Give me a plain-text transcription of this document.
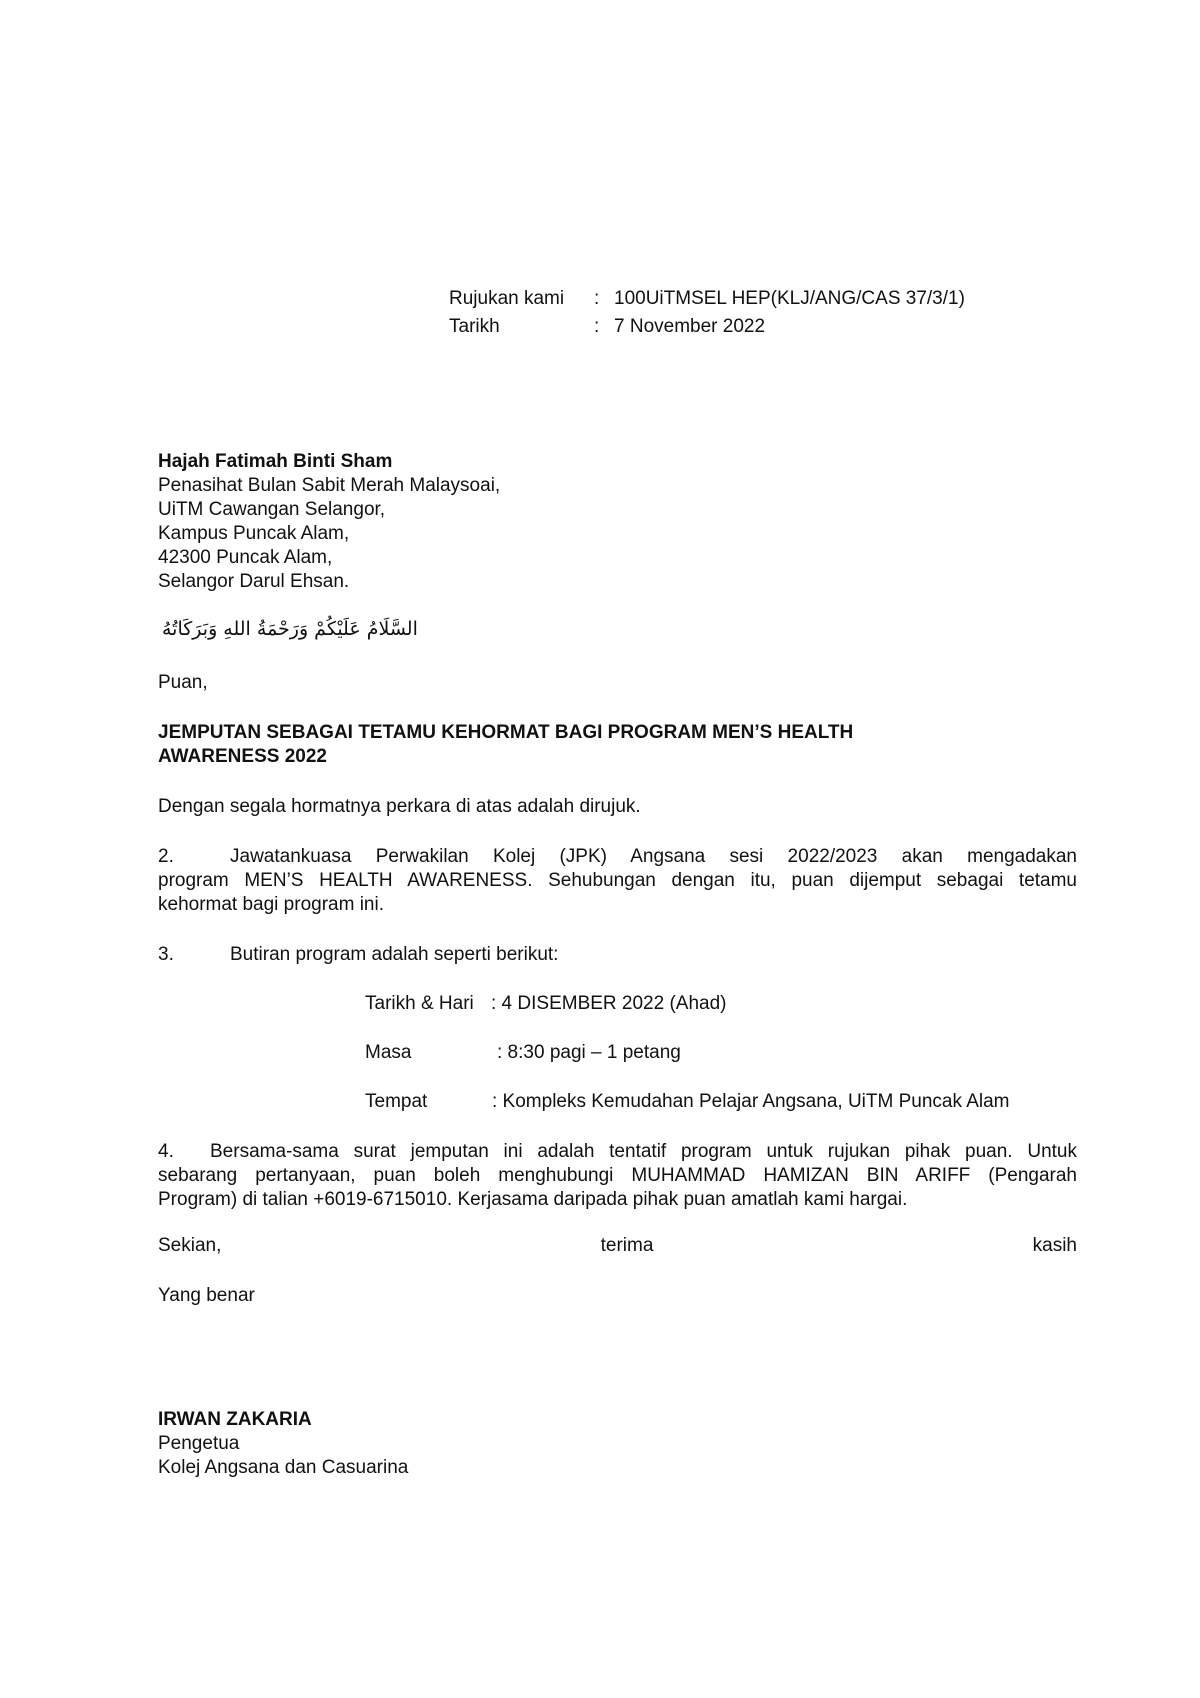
Rujukan kami : 100UiTMSEL HEP(KLJ/ANG/CAS 37/3/1)
Tarikh	: 7 November 2022
Hajah Fatimah Binti Sham
Penasihat Bulan Sabit Merah Malaysoai,
UiTM Cawangan Selangor,
Kampus Puncak Alam,
42300 Puncak Alam,
Selangor Darul Ehsan.
السَّلَامُ عَلَيْكُمْ وَرَحْمَةُ اللهِ وَبَرَكَاتُهُ
Puan,
JEMPUTAN SEBAGAI TETAMU KEHORMAT BAGI PROGRAM MEN’S HEALTH
AWARENESS 2022
Dengan segala hormatnya perkara di atas adalah dirujuk.
2.	Jawatankuasa Perwakilan Kolej (JPK) Angsana sesi 2022/2023 akan mengadakan
program MEN’S HEALTH AWARENESS. Sehubungan dengan itu, puan dijemput sebagai tetamu
kehormat bagi program ini.
3.	Butiran program adalah seperti berikut:
Tarikh & Hari : 4 DISEMBER 2022 (Ahad)
Masa	: 8:30 pagi – 1 petang
Tempat	: Kompleks Kemudahan Pelajar Angsana, UiTM Puncak Alam
4.	Bersama-sama surat jemputan ini adalah tentatif program untuk rujukan pihak puan. Untuk
sebarang pertanyaan, puan boleh menghubungi MUHAMMAD HAMIZAN BIN ARIFF (Pengarah
Program) di talian +6019-6715010. Kerjasama daripada pihak puan amatlah kami hargai.
Sekian,	terima	kasih
Yang benar
IRWAN ZAKARIA
Pengetua
Kolej Angsana dan Casuarina
